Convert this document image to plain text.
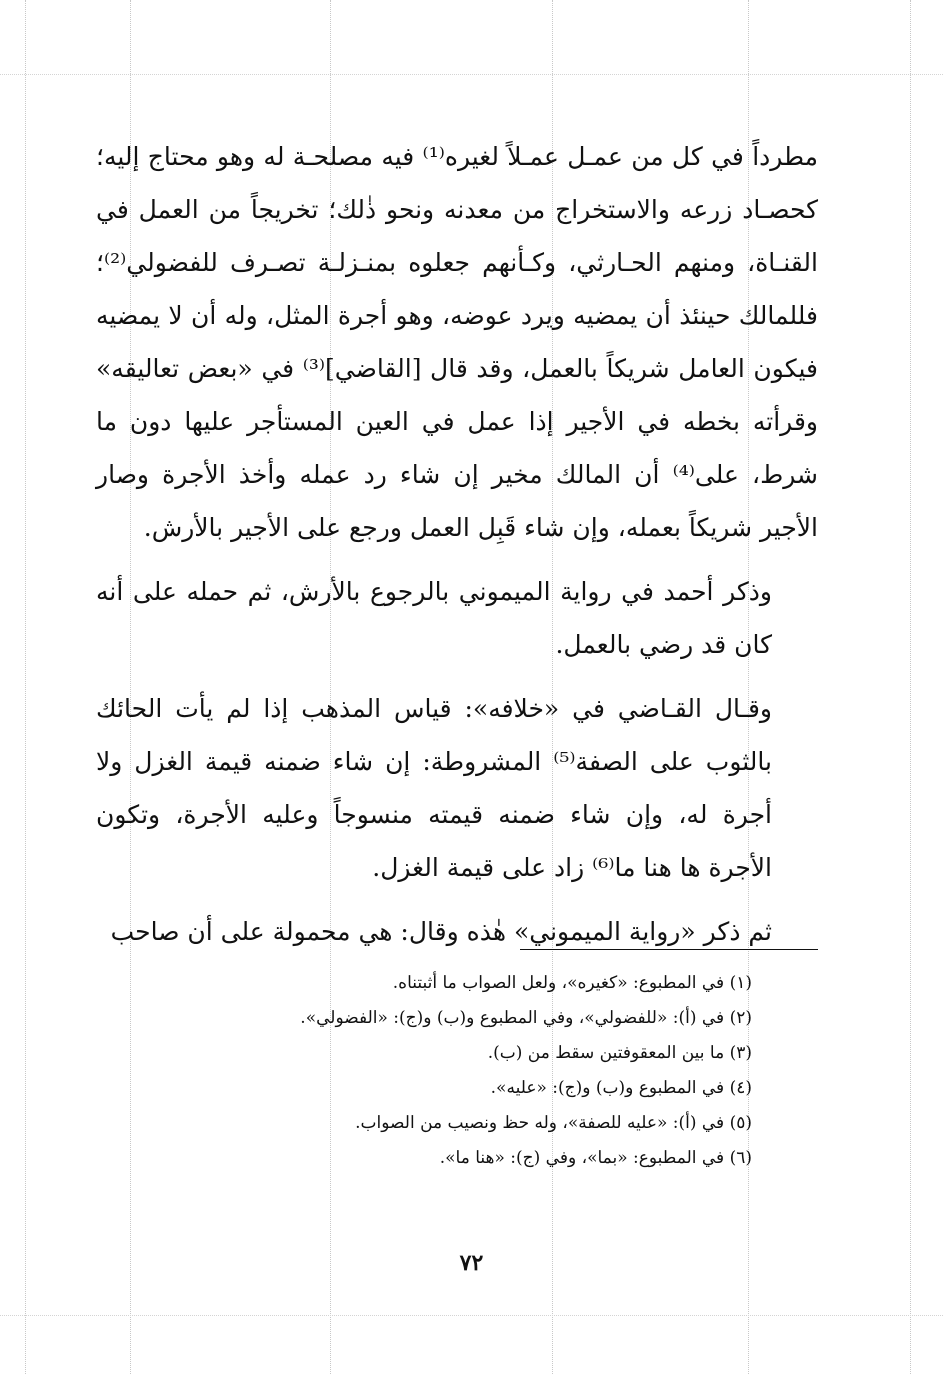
مطرداً في كل من عمـل عمـلاً لغيره⁽¹⁾ فيه مصلحـة له وهو محتاج إليه؛ كحصـاد زرعه والاستخراج من معدنه ونحو ذٰلك؛ تخريجاً من العمل في القنـاة، ومنهم الحـارثي، وكـأنهم جعلوه بمنـزلـة تصـرف للفضولي⁽²⁾؛ فللمالك حينئذ أن يمضيه ويرد عوضه، وهو أجرة المثل، وله أن لا يمضيه فيكون العامل شريكاً بالعمل، وقد قال [القاضي]⁽³⁾ في «بعض تعاليقه» وقرأته بخطه في الأجير إذا عمل في العين المستأجر عليها دون ما شرط، على⁽⁴⁾ أن المالك مخير إن شاء رد عمله وأخذ الأجرة وصار الأجير شريكاً بعمله، وإن شاء قَبِل العمل ورجع على الأجير بالأرش.

وذكر أحمد في رواية الميموني بالرجوع بالأرش، ثم حمله على أنه كان قد رضي بالعمل.

وقـال القـاضي في «خلافه»: قياس المذهب إذا لم يأت الحائك بالثوب على الصفة⁽⁵⁾ المشروطة: إن شاء ضمنه قيمة الغزل ولا أجرة له، وإن شاء ضمنه قيمته منسوجاً وعليه الأجرة، وتكون الأجرة ها هنا ما⁽⁶⁾ زاد على قيمة الغزل.

ثم ذكر «رواية الميموني» هٰذه وقال: هي محمولة على أن صاحب

(١) في المطبوع: «كغيره»، ولعل الصواب ما أثبتناه.

(٢) في (أ): «للفضولي»، وفي المطبوع و(ب) و(ج): «الفضولي».

(٣) ما بين المعقوفتين سقط من (ب).

(٤) في المطبوع و(ب) و(ج): «عليه».

(٥) في (أ): «عليه للصفة»، وله حظ ونصيب من الصواب.

(٦) في المطبوع: «بما»، وفي (ج): «هنا ما».

٧٢
